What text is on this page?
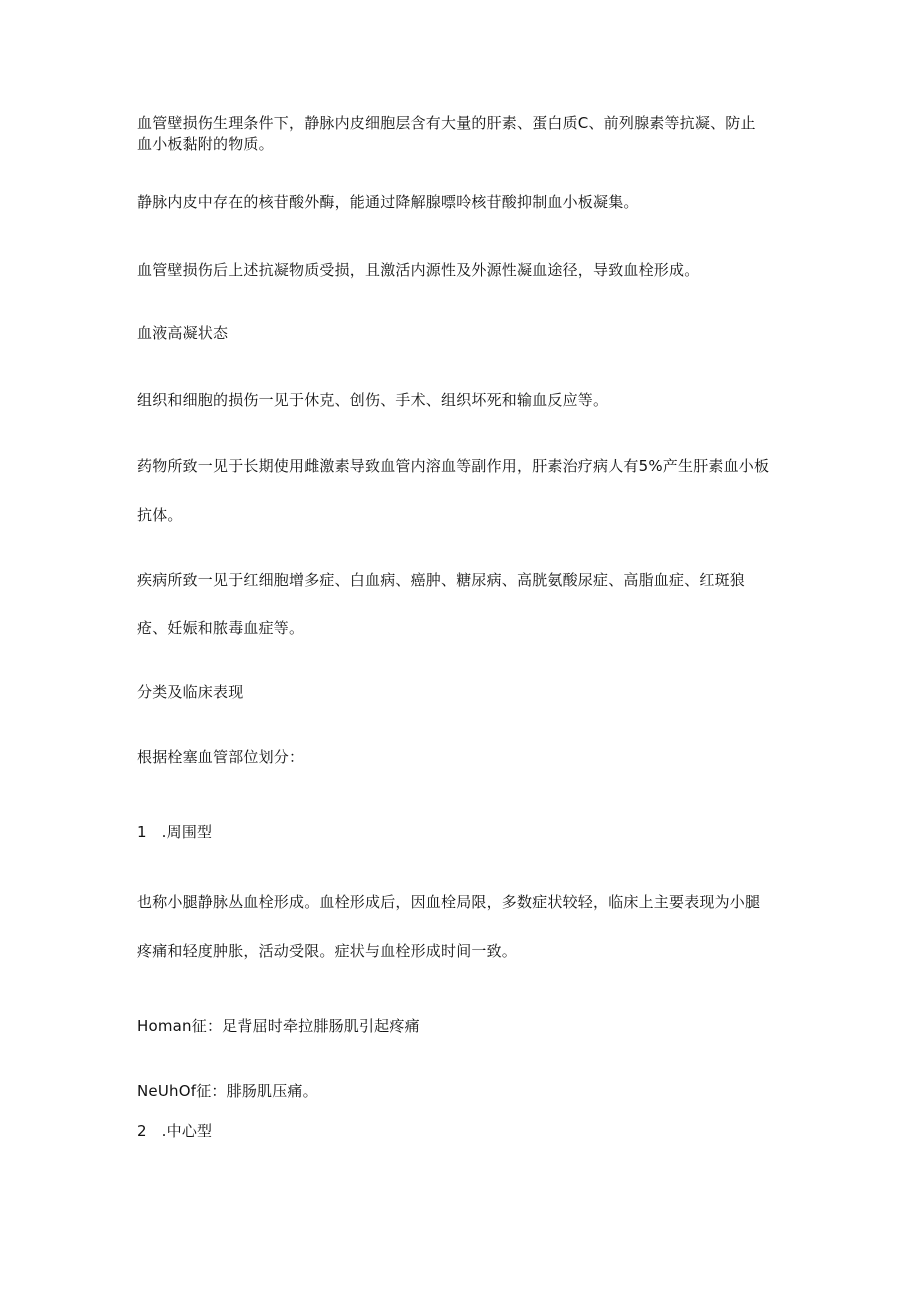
血管壁损伤生理条件下，静脉内皮细胞层含有大量的肝素、蛋白质C、前列腺素等抗凝、防止
血小板黏附的物质。
静脉内皮中存在的核苷酸外酶，能通过降解腺嘌呤核苷酸抑制血小板凝集。
血管壁损伤后上述抗凝物质受损，且激活内源性及外源性凝血途径，导致血栓形成。
血液高凝状态
组织和细胞的损伤一见于休克、创伤、手术、组织坏死和输血反应等。
药物所致一见于长期使用雌激素导致血管内溶血等副作用，肝素治疗病人有5%产生肝素血小板
抗体。
疾病所致一见于红细胞增多症、白血病、癌肿、糖尿病、高胱氨酸尿症、高脂血症、红斑狼
疮、妊娠和脓毒血症等。
分类及临床表现
根据栓塞血管部位划分：
1   .周围型
也称小腿静脉丛血栓形成。血栓形成后，因血栓局限，多数症状较轻，临床上主要表现为小腿
疼痛和轻度肿胀，活动受限。症状与血栓形成时间一致。
Homan征：足背屈时牵拉腓肠肌引起疼痛
NeUhOf征：腓肠肌压痛。
2   .中心型
